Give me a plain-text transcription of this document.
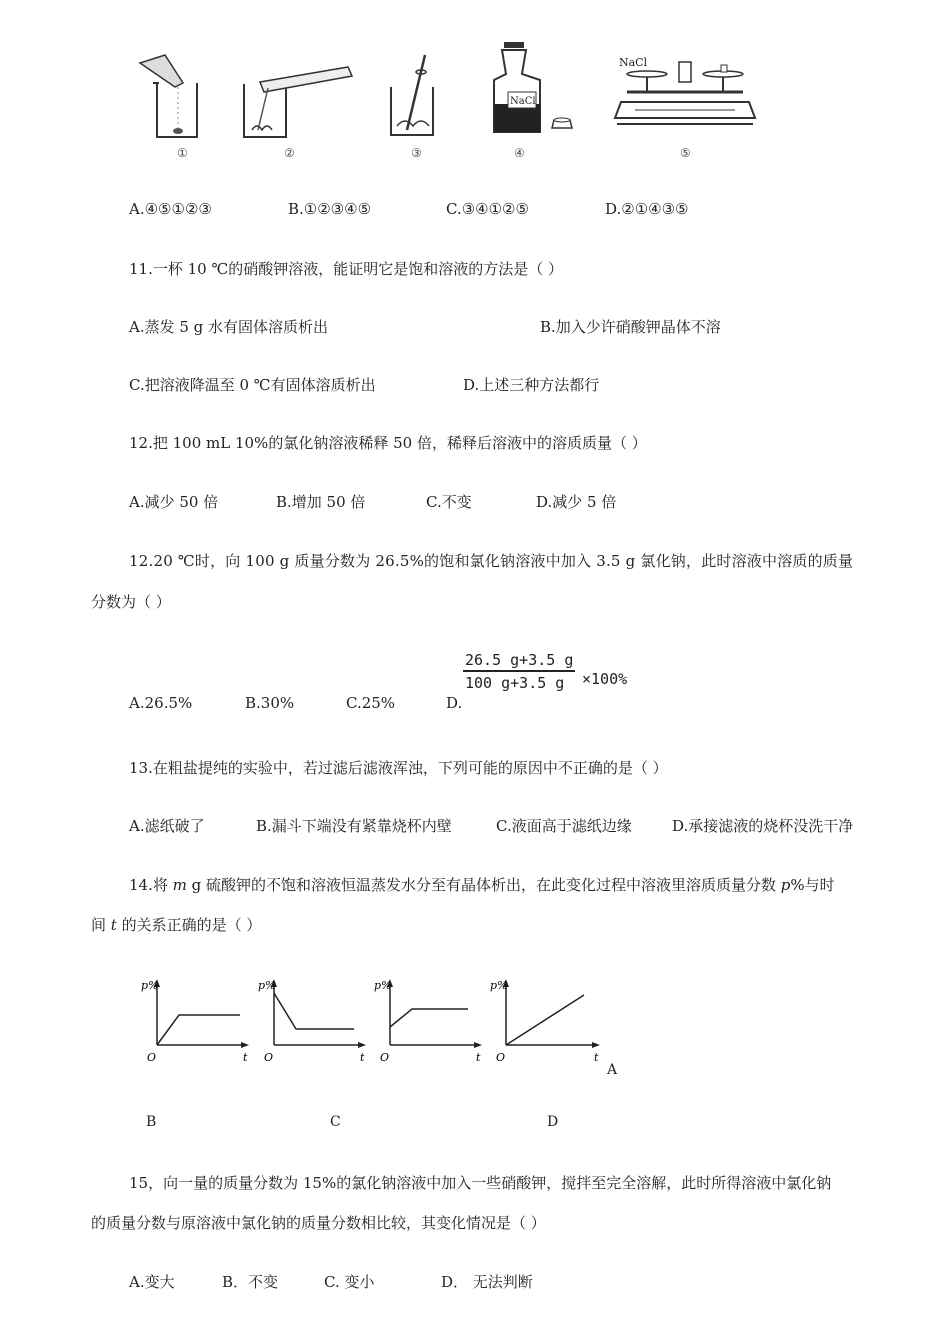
NaCl
NaCl
①	②	③	④	⑤
A.④⑤①②③	B.①②③④⑤	C.③④①②⑤	D.②①④③⑤
11.一杯 10 ℃的硝酸钾溶液，能证明它是饱和溶液的方法是（ ）
A.蒸发 5 g 水有固体溶质析出	B.加入少许硝酸钾晶体不溶
C.把溶液降温至 0 ℃有固体溶质析出	D.上述三种方法都行
12.把 100 mL 10%的氯化钠溶液稀释 50 倍，稀释后溶液中的溶质质量（ ）
A.减少 50 倍	B.增加 50 倍	C.不变	D.减少 5 倍
12.20 ℃时，向 100 g 质量分数为 26.5%的饱和氯化钠溶液中加入 3.5 g 氯化钠，此时溶液中溶质的质量
分数为（ ）
A.26.5%	B.30%	C.25%	D.
$\frac{26.5 g+3.5 g}{100 g+3.5 g} \times 100\%$
13.在粗盐提纯的实验中，若过滤后滤液浑浊，下列可能的原因中不正确的是（ ）
A.滤纸破了	B.漏斗下端没有紧靠烧杯内壁	C.液面高于滤纸边缘	D.承接滤液的烧杯没洗干净
14.将 m g 硫酸钾的不饱和溶液恒温蒸发水分至有晶体析出，在此变化过程中溶液里溶质质量分数 p%与时
间 t 的关系正确的是（ ）
p%
O	t
p%
O	t
p%
O	t
p%
O	t
A
B	C	D
15，向一量的质量分数为 15%的氯化钠溶液中加入一些硝酸钾，搅拌至完全溶解，此时所得溶液中氯化钠
的质量分数与原溶液中氯化钠的质量分数相比较，其变化情况是（ ）
A.变大	B．不变	C. 变小	D． 无法判断
